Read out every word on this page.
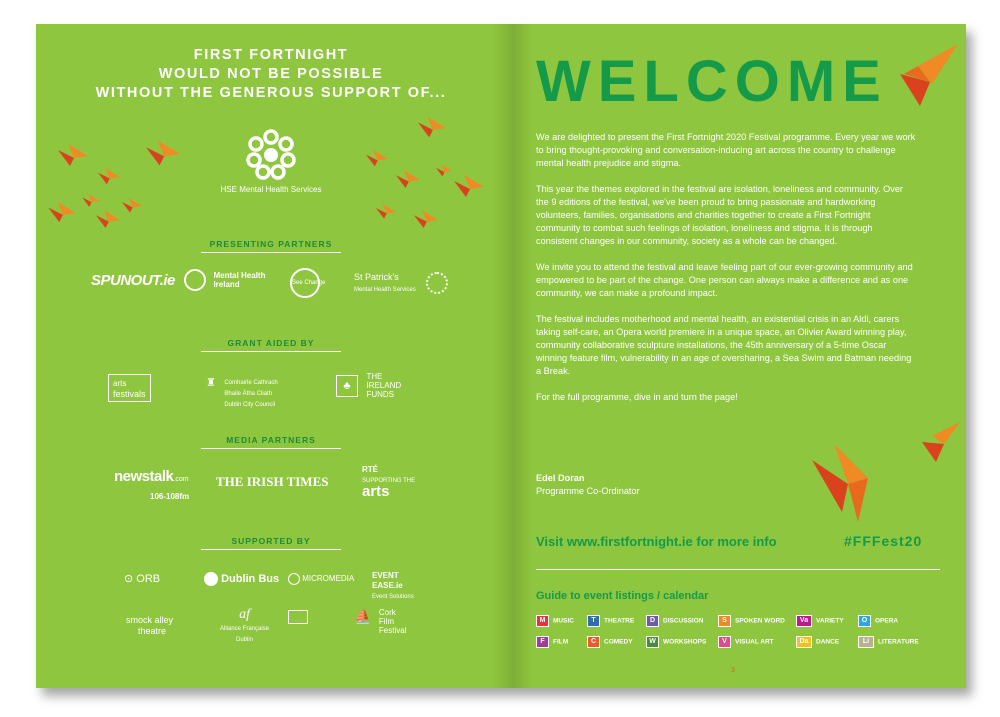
FIRST FORTNIGHT
WOULD NOT BE POSSIBLE
WITHOUT THE GENEROUS SUPPORT OF...
HSE Mental Health Services
PRESENTING PARTNERS
SPUNOUT.ie	Mental Health
Ireland	See Change
St Patrick's
Mental Health Services
GRANT AIDED BY
arts
festivals
♜ Comhairle Cathrach
Bhaile Átha Cliath
Dublin City Council
♣ THE
IRELAND
FUNDS
MEDIA PARTNERS
newstalk.com
106-108fm
THE IRISH TIMES
RTÉ
SUPPORTING THE
arts
SUPPORTED BY
⊙ ORB	Dublin Bus	MICROMEDIA EVENT
EASE.ie
Event Solutions
smock alley
theatre
af
Alliance Française
Dublin
⛵ Cork
Film
Festival
WELCOME

We are delighted to present the First Fortnight 2020 Festival programme. Every year we work to bring thought-provoking and conversation-inducing art across the country to challenge mental health prejudice and stigma.

This year the themes explored in the festival are isolation, loneliness and community. Over the 9 editions of the festival, we've been proud to bring passionate and hardworking volunteers, families, organisations and charities together to create a First Fortnight community to combat such feelings of isolation, loneliness and stigma. It is through consistent changes in our community, society as a whole can be changed.

We invite you to attend the festival and leave feeling part of our ever-growing community and empowered to be part of the change. One person can always make a difference and as one community, we can make a profound impact.

The festival includes motherhood and mental health, an existential crisis in an Aldi, carers taking self-care, an Opera world premiere in a unique space, an Olivier Award winning play, community collaborative sculpture installations, the 45th anniversary of a 5-time Oscar winning feature film, vulnerability in an age of oversharing, a Sea Swim and Batman needing a Break.

For the full programme, dive in and turn the page!

Edel Doran
Programme Co-Ordinator
Visit www.firstfortnight.ie for more info	#FFFest20
Guide to event listings / calendar
M MUSIC	T THEATRE	D DISCUSSION	S SPOKEN WORD	Va VARIETY	O OPERA
F FILM	C COMEDY	W WORKSHOPS	V VISUAL ART	Da DANCE	Li LITERATURE
3
